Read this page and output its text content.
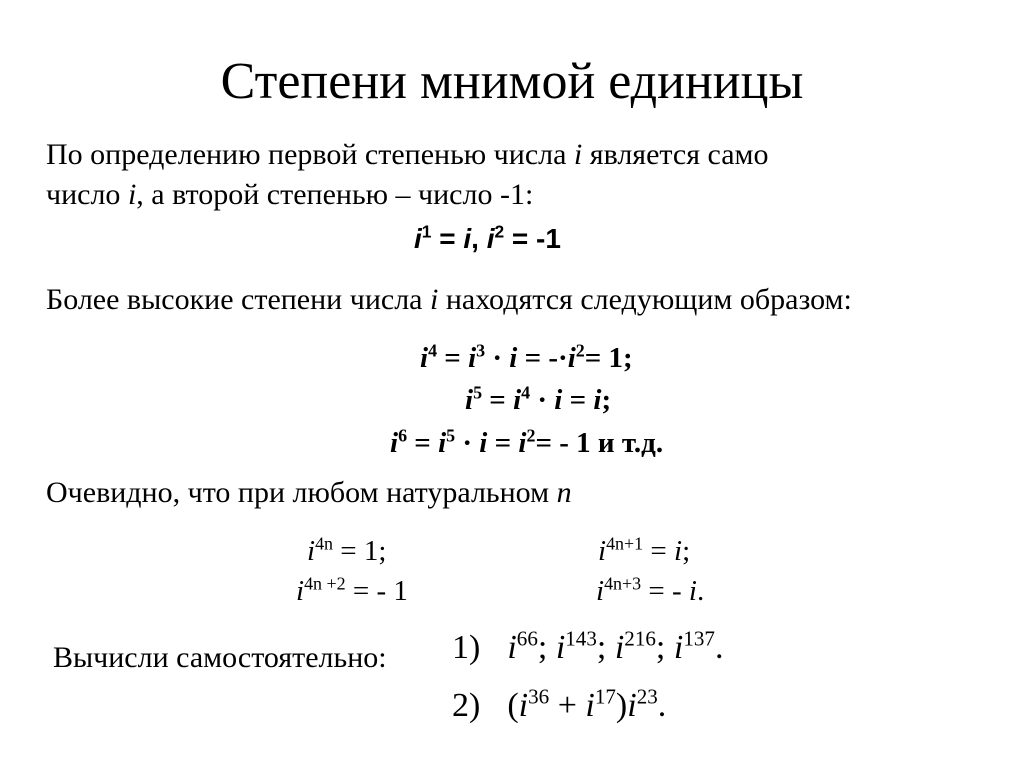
Степени мнимой единицы
По определению первой степенью числа i является само
число i, а второй степенью – число -1:
$i^1 = i$, $i^2 = -1$
Более высокие степени числа i находятся следующим образом:
$i^4 = i^3 \cdot i = -\cdot i^2= 1$;
$i^5 = i^4 \cdot i = i$;
$i^6 = i^5 \cdot i = i^2= - 1$ и т.д.
Очевидно, что при любом натуральном n
$i^{4n} = 1$;	$i^{4n+1} = i$;
$i^{4n +2}$ = - 1	$i^{4n+3}$ = - i.
Вычисли самостоятельно: 1) $i^{66}$; $i^{143}$; $i^{216}$; $i^{137}$.
2) $(i^{36} + i^{17})i^{23}$.
